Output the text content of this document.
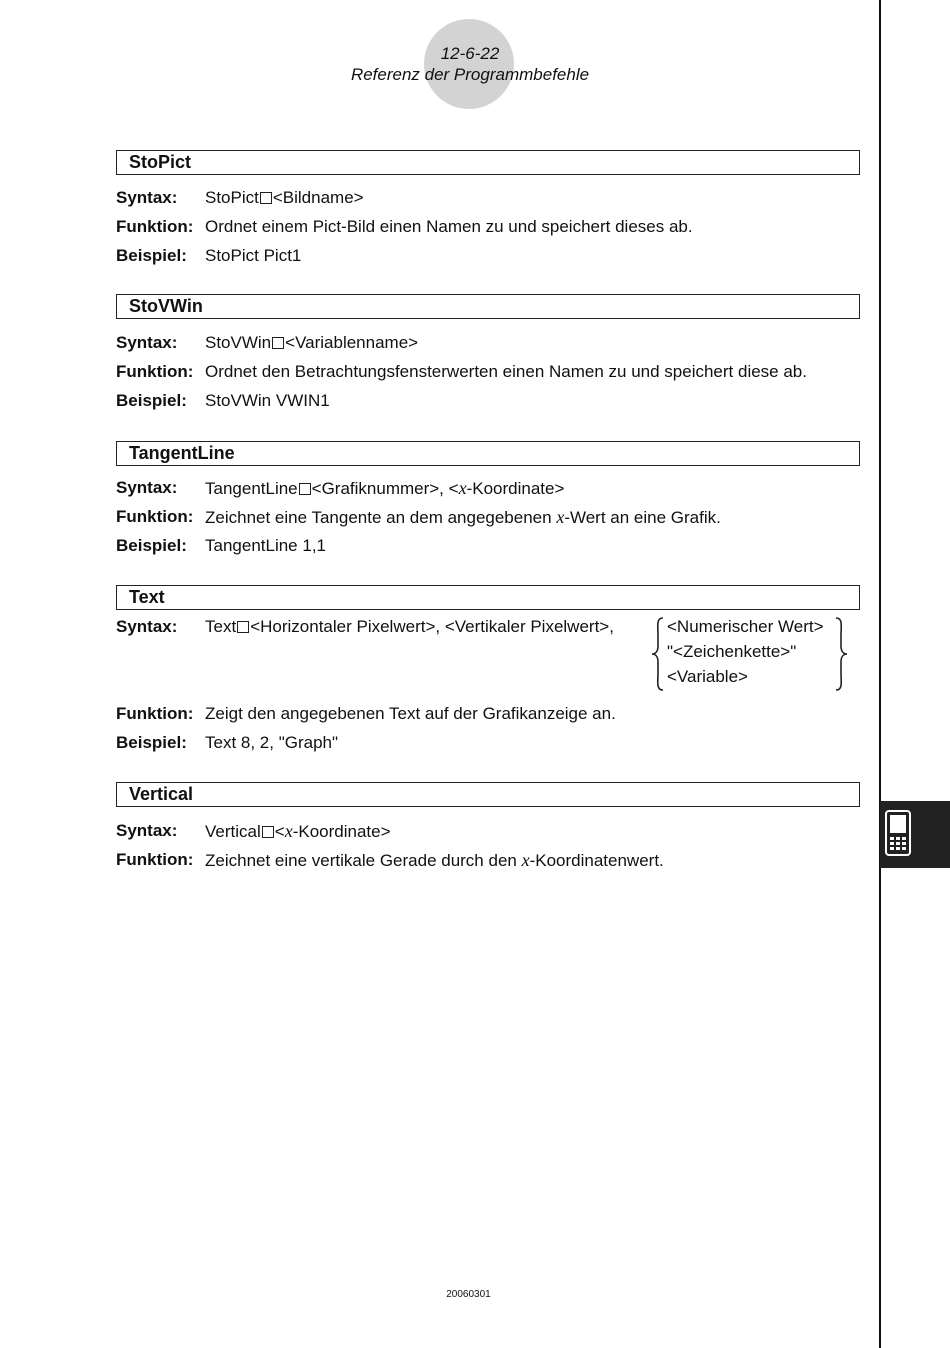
12-6-22
Referenz der Programmbefehle
StoPict
Syntax: StoPict <Bildname>
Funktion: Ordnet einem Pict-Bild einen Namen zu und speichert dieses ab.
Beispiel: StoPict Pict1
StoVWin
Syntax: StoVWin <Variablenname>
Funktion: Ordnet den Betrachtungsfensterwerten einen Namen zu und speichert diese ab.
Beispiel: StoVWin VWIN1
TangentLine
Syntax: TangentLine <Grafiknummer>, <x-Koordinate>
Funktion: Zeichnet eine Tangente an dem angegebenen x-Wert an eine Grafik.
Beispiel: TangentLine 1,1
Text
Syntax: Text <Horizontaler Pixelwert>, <Vertikaler Pixelwert>,	<Numerischer Wert>
"<Zeichenkette>"
<Variable>
Funktion: Zeigt den angegebenen Text auf der Grafikanzeige an.
Beispiel: Text 8, 2, "Graph"
Vertical
Syntax: Vertical <x-Koordinate>
Funktion: Zeichnet eine vertikale Gerade durch den x-Koordinatenwert.
20060301
